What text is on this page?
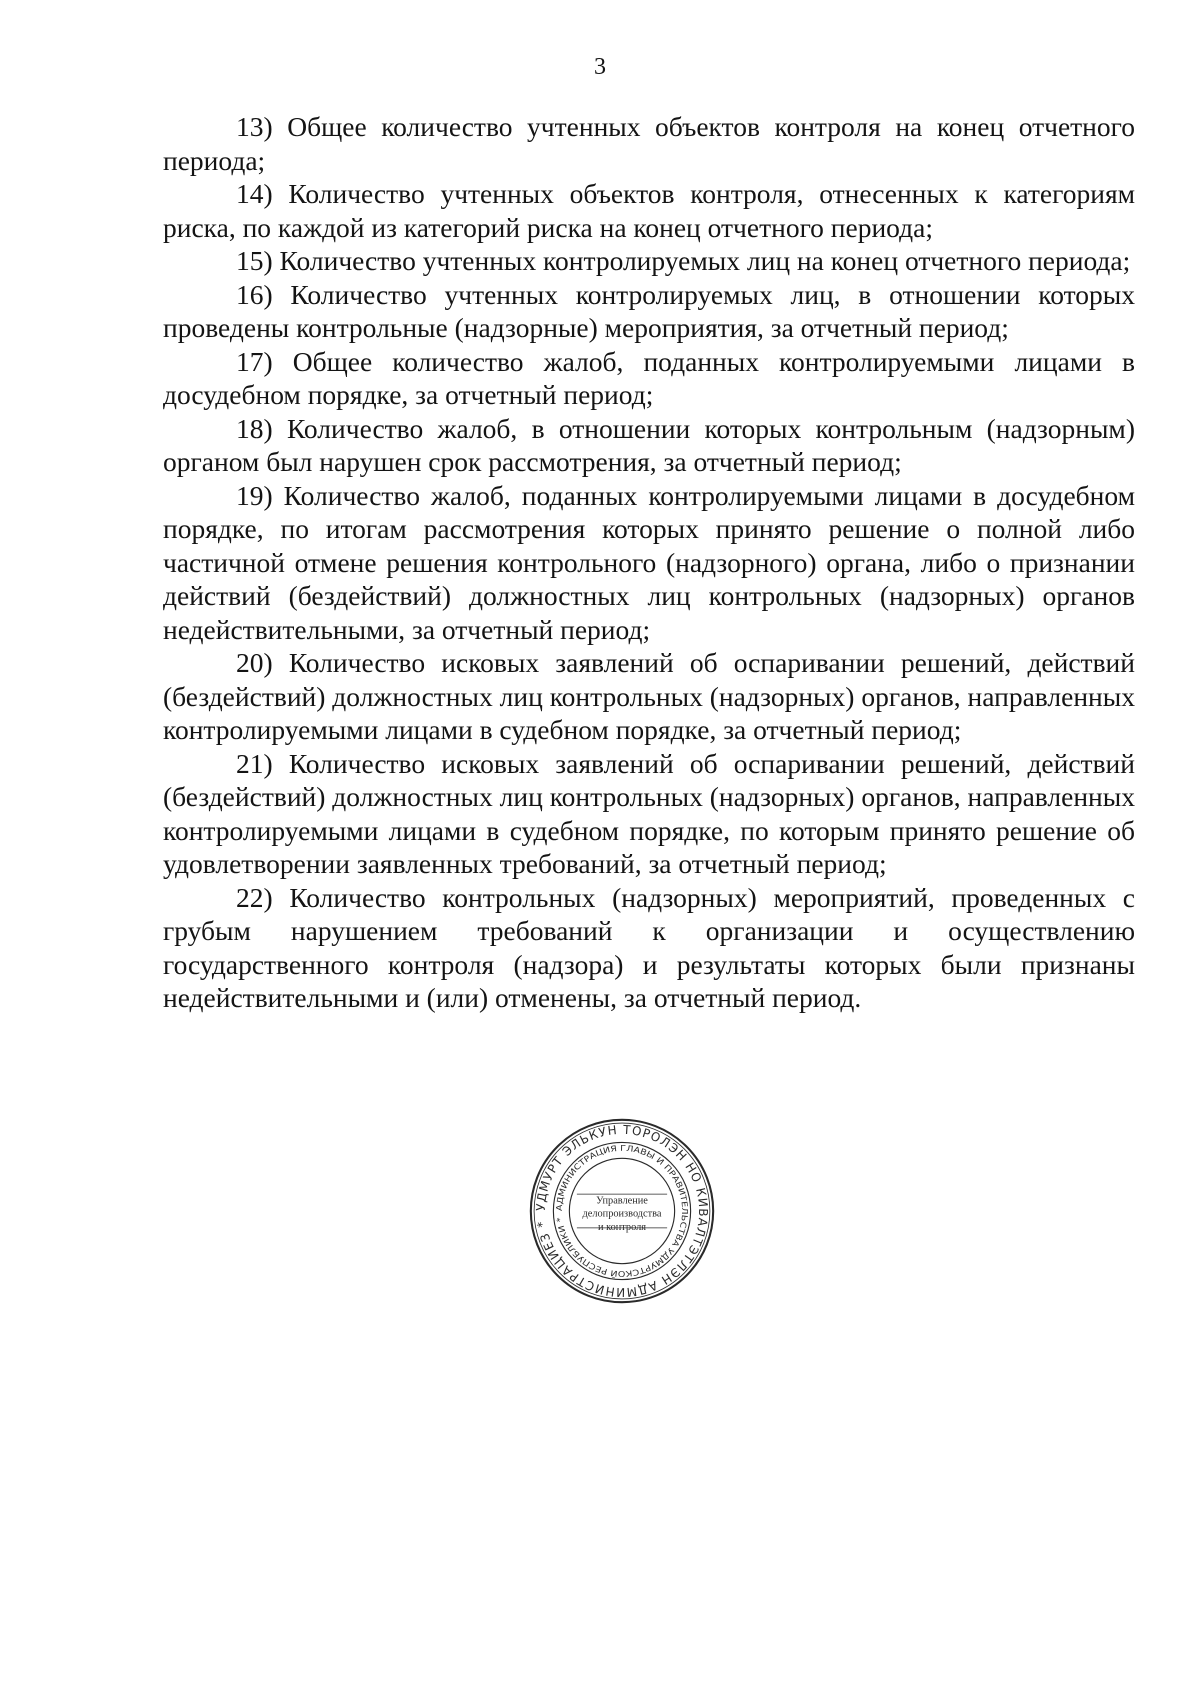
3

13) Общее количество учтенных объектов контроля на конец отчетного периода;

14) Количество учтенных объектов контроля, отнесенных к категориям риска, по каждой из категорий риска на конец отчетного периода;

15) Количество учтенных контролируемых лиц на конец отчетного периода;

16) Количество учтенных контролируемых лиц, в отношении которых проведены контрольные (надзорные) мероприятия, за отчетный период;

17) Общее количество жалоб, поданных контролируемыми лицами в досудебном порядке, за отчетный период;

18) Количество жалоб, в отношении которых контрольным (надзорным) органом был нарушен срок рассмотрения, за отчетный период;

19) Количество жалоб, поданных контролируемыми лицами в досудебном порядке, по итогам рассмотрения которых принято решение о полной либо частичной отмене решения контрольного (надзорного) органа, либо о признании действий (бездействий) должностных лиц контрольных (надзорных) органов недействительными, за отчетный период;

20) Количество исковых заявлений об оспаривании решений, действий (бездействий) должностных лиц контрольных (надзорных) органов, направленных контролируемыми лицами в судебном порядке, за отчетный период;

21) Количество исковых заявлений об оспаривании решений, действий (бездействий) должностных лиц контрольных (надзорных) органов, направленных контролируемыми лицами в судебном порядке, по которым принято решение об удовлетворении заявленных требований, за отчетный период;

22) Количество контрольных (надзорных) мероприятий, проведенных с грубым нарушением требований к организации и осуществлению государственного контроля (надзора) и результаты которых были признаны недействительными и (или) отменены, за отчетный период.

УДМУРТ ЭЛЬКУН ТОРОЛЭН НО КИВАЛТЭТЛЭН АДМИНИСТРАЦИЕЗ *
АДМИНИСТРАЦИЯ ГЛАВЫ И ПРАВИТЕЛЬСТВА УДМУРТСКОЙ РЕСПУБЛИКИ *
Управление
делопроизводства
и контроля
